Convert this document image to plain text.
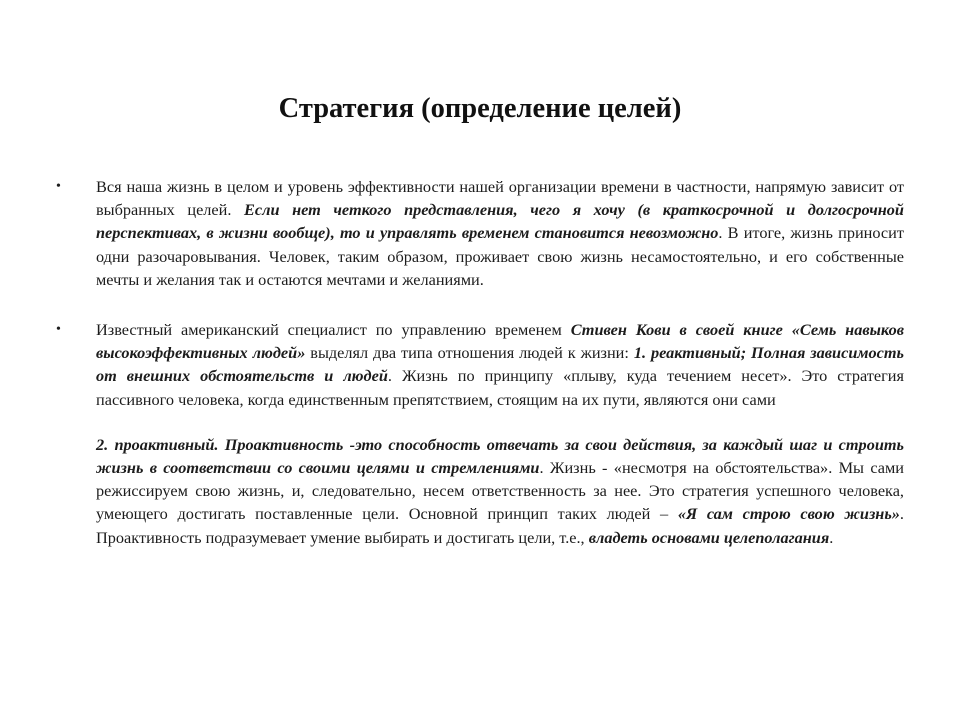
Стратегия (определение целей)
• Вся наша жизнь в целом и уровень эффективности нашей организации времени в частности, напрямую зависит от выбранных целей. Если нет четкого представления, чего я хочу (в краткосрочной и долгосрочной перспективах, в жизни вообще), то и управлять временем становится невозможно. В итоге, жизнь приносит одни разочаровывания. Человек, таким образом, проживает свою жизнь несамостоятельно, и его собственные мечты и желания так и остаются мечтами и желаниями.

• Известный американский специалист по управлению временем Стивен Кови в своей книге «Семь навыков высокоэффективных людей» выделял два типа отношения людей к жизни: 1. реактивный; Полная зависимость от внешних обстоятельств и людей. Жизнь по принципу «плыву, куда течением несет». Это стратегия пассивного человека, когда единственным препятствием, стоящим на их пути, являются они сами

2. проактивный. Проактивность -это способность отвечать за свои действия, за каждый шаг и строить жизнь в соответствии со своими целями и стремлениями. Жизнь - «несмотря на обстоятельства». Мы сами режиссируем свою жизнь, и, следовательно, несем ответственность за нее. Это стратегия успешного человека, умеющего достигать поставленные цели. Основной принцип таких людей – «Я сам строю свою жизнь». Проактивность подразумевает умение выбирать и достигать цели, т.е., владеть основами целеполагания.
